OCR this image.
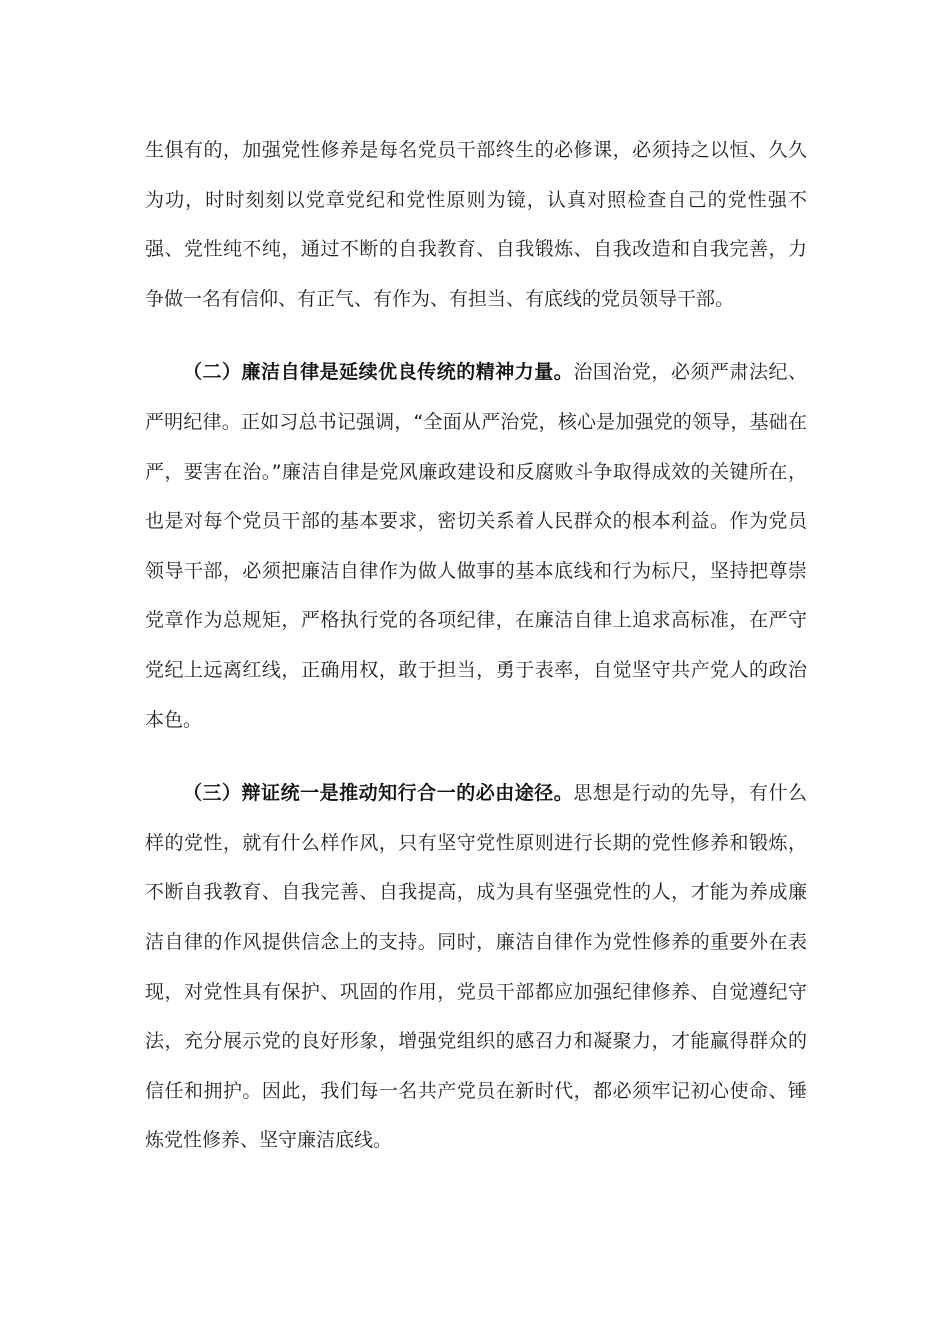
生俱有的，加强党性修养是每名党员干部终生的必修课，必须持之以恒、久久为功，时时刻刻以党章党纪和党性原则为镜，认真对照检查自己的党性强不强、党性纯不纯，通过不断的自我教育、自我锻炼、自我改造和自我完善，力争做一名有信仰、有正气、有作为、有担当、有底线的党员领导干部。

（二）廉洁自律是延续优良传统的精神力量。治国治党，必须严肃法纪、严明纪律。正如习总书记强调，“全面从严治党，核心是加强党的领导，基础在严，要害在治。”廉洁自律是党风廉政建设和反腐败斗争取得成效的关键所在，也是对每个党员干部的基本要求，密切关系着人民群众的根本利益。作为党员领导干部，必须把廉洁自律作为做人做事的基本底线和行为标尺，坚持把尊崇党章作为总规矩，严格执行党的各项纪律，在廉洁自律上追求高标准，在严守党纪上远离红线，正确用权，敢于担当，勇于表率，自觉坚守共产党人的政治本色。

（三）辩证统一是推动知行合一的必由途径。思想是行动的先导，有什么样的党性，就有什么样作风，只有坚守党性原则进行长期的党性修养和锻炼，不断自我教育、自我完善、自我提高，成为具有坚强党性的人，才能为养成廉洁自律的作风提供信念上的支持。同时，廉洁自律作为党性修养的重要外在表现，对党性具有保护、巩固的作用，党员干部都应加强纪律修养、自觉遵纪守法，充分展示党的良好形象，增强党组织的感召力和凝聚力，才能赢得群众的信任和拥护。因此，我们每一名共产党员在新时代，都必须牢记初心使命、锤炼党性修养、坚守廉洁底线。
